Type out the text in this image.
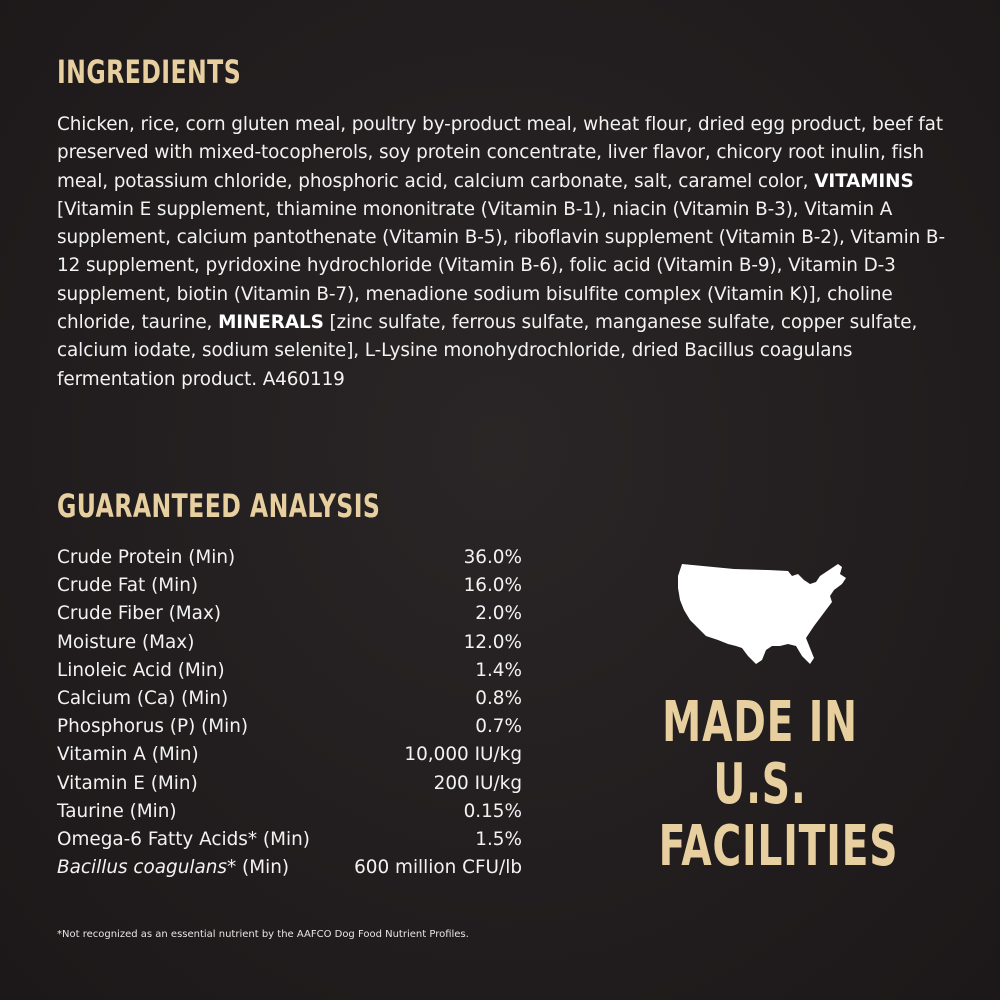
INGREDIENTS
Chicken, rice, corn gluten meal, poultry by-product meal, wheat flour, dried egg product, beef fat preserved with mixed-tocopherols, soy protein concentrate, liver flavor, chicory root inulin, fish meal, potassium chloride, phosphoric acid, calcium carbonate, salt, caramel color, VITAMINS [Vitamin E supplement, thiamine mononitrate (Vitamin B-1), niacin (Vitamin B-3), Vitamin A supplement, calcium pantothenate (Vitamin B-5), riboflavin supplement (Vitamin B-2), Vitamin B-12 supplement, pyridoxine hydrochloride (Vitamin B-6), folic acid (Vitamin B-9), Vitamin D-3 supplement, biotin (Vitamin B-7), menadione sodium bisulfite complex (Vitamin K)], choline chloride, taurine, MINERALS [zinc sulfate, ferrous sulfate, manganese sulfate, copper sulfate, calcium iodate, sodium selenite], L-Lysine monohydrochloride, dried Bacillus coagulans fermentation product. A460119
GUARANTEED ANALYSIS
Crude Protein (Min)	36.0%
Crude Fat (Min)	16.0%
Crude Fiber (Max)	2.0%
Moisture (Max)	12.0%
Linoleic Acid (Min)	1.4%
Calcium (Ca) (Min)	0.8%
Phosphorus (P) (Min)	0.7%
Vitamin A (Min)	10,000 IU/kg
Vitamin E (Min)	200 IU/kg
Taurine (Min)	0.15%
Omega-6 Fatty Acids* (Min)	1.5%
Bacillus coagulans* (Min)	600 million CFU/lb
*Not recognized as an essential nutrient by the AAFCO Dog Food Nutrient Profiles.
MADE IN
U.S.
FACILITIES
